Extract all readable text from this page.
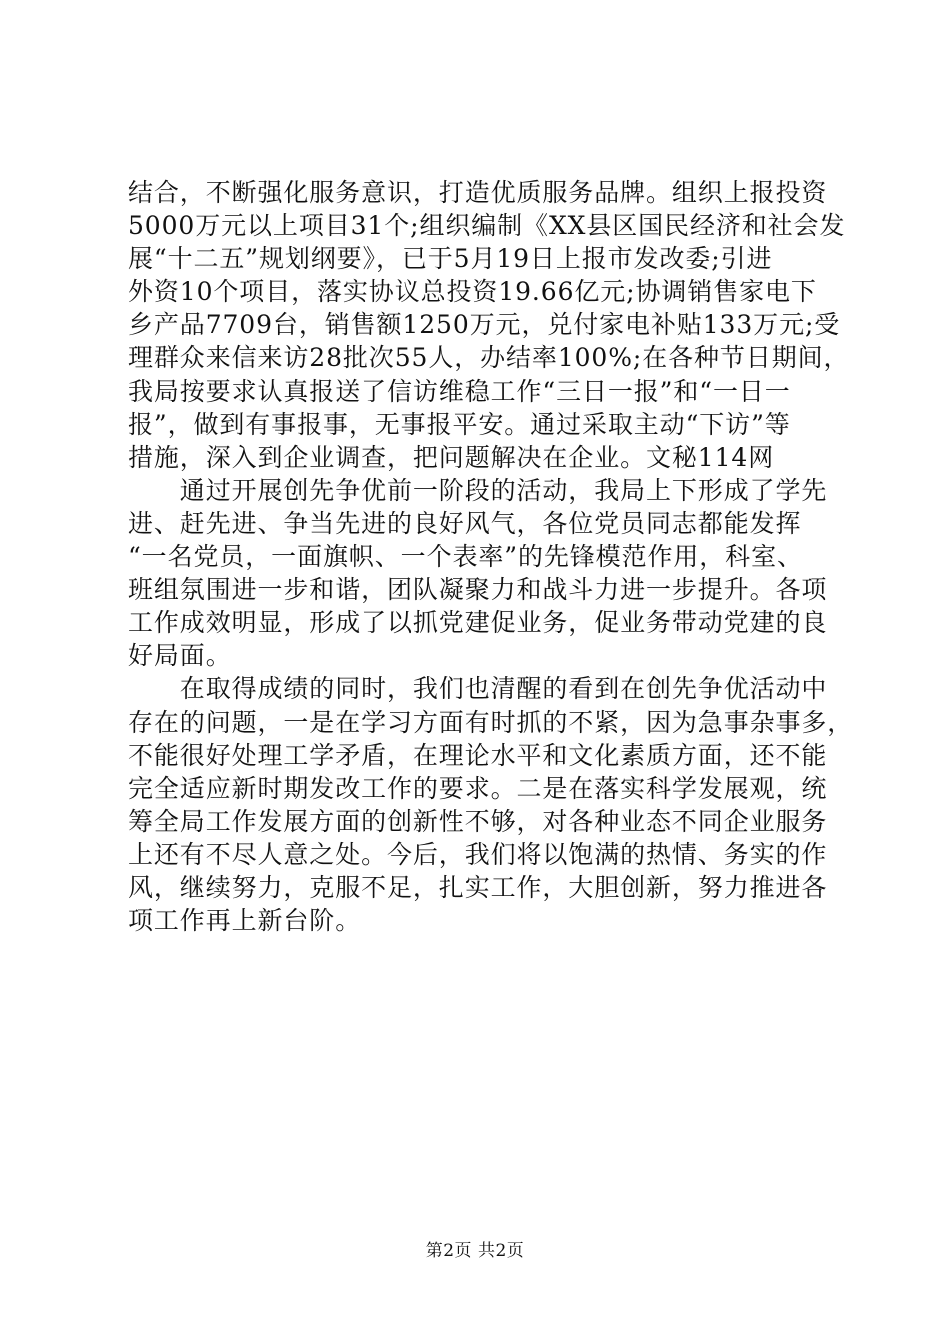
结合，不断强化服务意识，打造优质服务品牌。组织上报投资
5000万元以上项目31个;组织编制《XX县区国民经济和社会发
展“十二五”规划纲要》，已于5月19日上报市发改委;引进
外资10个项目，落实协议总投资19.66亿元;协调销售家电下
乡产品7709台，销售额1250万元，兑付家电补贴133万元;受
理群众来信来访28批次55人，办结率100%;在各种节日期间，
我局按要求认真报送了信访维稳工作“三日一报”和“一日一
报”，做到有事报事，无事报平安。通过采取主动“下访”等
措施，深入到企业调查，把问题解决在企业。文秘114网
　　通过开展创先争优前一阶段的活动，我局上下形成了学先
进、赶先进、争当先进的良好风气，各位党员同志都能发挥
“一名党员，一面旗帜、一个表率”的先锋模范作用，科室、
班组氛围进一步和谐，团队凝聚力和战斗力进一步提升。各项
工作成效明显，形成了以抓党建促业务，促业务带动党建的良
好局面。
　　在取得成绩的同时，我们也清醒的看到在创先争优活动中
存在的问题，一是在学习方面有时抓的不紧，因为急事杂事多，
不能很好处理工学矛盾，在理论水平和文化素质方面，还不能
完全适应新时期发改工作的要求。二是在落实科学发展观，统
筹全局工作发展方面的创新性不够，对各种业态不同企业服务
上还有不尽人意之处。今后，我们将以饱满的热情、务实的作
风，继续努力，克服不足，扎实工作，大胆创新，努力推进各
项工作再上新台阶。
第2页 共2页
